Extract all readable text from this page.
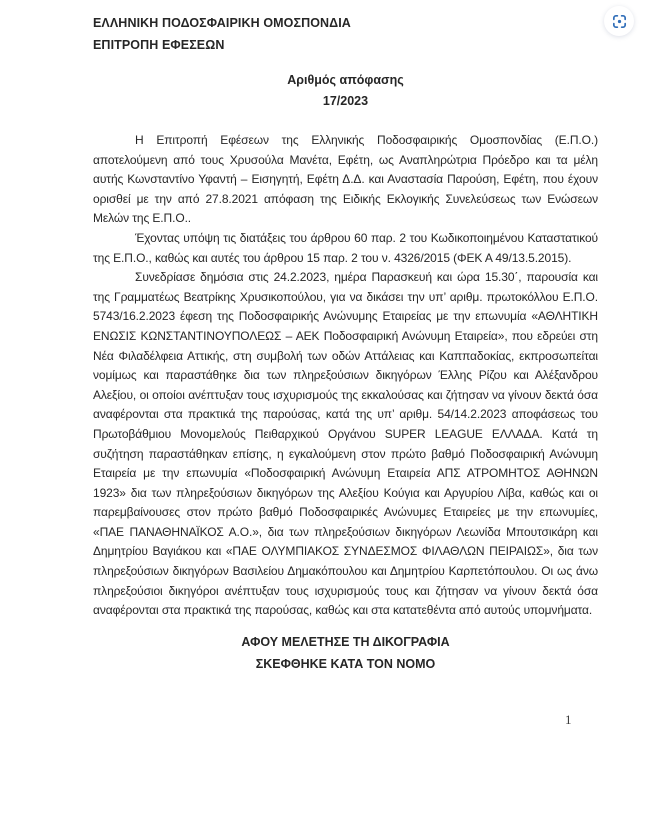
ΕΛΛΗΝΙΚΗ ΠΟΔΟΣΦΑΙΡΙΚΗ ΟΜΟΣΠΟΝΔΙΑ

ΕΠΙΤΡΟΠΗ ΕΦΕΣΕΩΝ

Αριθμός απόφασης

17/2023

Η Επιτροπή Εφέσεων της Ελληνικής Ποδοσφαιρικής Ομοσπονδίας (Ε.Π.Ο.) αποτελούμενη από τους Χρυσούλα Μανέτα, Εφέτη, ως Αναπληρώτρια Πρόεδρο και τα μέλη αυτής Κωνσταντίνο Υφαντή – Εισηγητή, Εφέτη Δ.Δ. και Αναστασία Παρούση, Εφέτη, που έχουν ορισθεί με την από 27.8.2021 απόφαση της Ειδικής Εκλογικής Συνελεύσεως των Ενώσεων Μελών της Ε.Π.Ο..

Έχοντας υπόψη τις διατάξεις του άρθρου 60 παρ. 2 του Κωδικοποιημένου Καταστατικού της Ε.Π.Ο., καθώς και αυτές του άρθρου 15 παρ. 2 του ν. 4326/2015 (ΦΕΚ Α 49/13.5.2015).

Συνεδρίασε δημόσια στις 24.2.2023, ημέρα Παρασκευή και ώρα 15.30΄, παρουσία και της Γραμματέως Βεατρίκης Χρυσικοπούλου, για να δικάσει την υπ’ αριθμ. πρωτοκόλλου Ε.Π.Ο. 5743/16.2.2023 έφεση της Ποδοσφαιρικής Ανώνυμης Εταιρείας με την επωνυμία «ΑΘΛΗΤΙΚΗ ΕΝΩΣΙΣ ΚΩΝΣΤΑΝΤΙΝΟΥΠΟΛΕΩΣ – ΑΕΚ Ποδοσφαιρική Ανώνυμη Εταιρεία», που εδρεύει στη Νέα Φιλαδέλφεια Αττικής, στη συμβολή των οδών Αττάλειας και Καππαδοκίας, εκπροσωπείται νομίμως και παραστάθηκε δια των πληρεξούσιων δικηγόρων Έλλης Ρίζου και Αλέξανδρου Αλεξίου, οι οποίοι ανέπτυξαν τους ισχυρισμούς της εκκαλούσας και ζήτησαν να γίνουν δεκτά όσα αναφέρονται στα πρακτικά της παρούσας, κατά της υπ’ αριθμ. 54/14.2.2023 αποφάσεως του Πρωτοβάθμιου Μονομελούς Πειθαρχικού Οργάνου SUPER LEAGUE ΕΛΛΑΔΑ. Κατά τη συζήτηση παραστάθηκαν επίσης, η εγκαλούμενη στον πρώτο βαθμό Ποδοσφαιρική Ανώνυμη Εταιρεία με την επωνυμία «Ποδοσφαιρική Ανώνυμη Εταιρεία ΑΠΣ ΑΤΡΟΜΗΤΟΣ ΑΘΗΝΩΝ 1923» δια των πληρεξούσιων δικηγόρων της Αλεξίου Κούγια και Αργυρίου Λίβα, καθώς και οι παρεμβαίνουσες στον πρώτο βαθμό Ποδοσφαιρικές Ανώνυμες Εταιρείες με την επωνυμίες, «ΠΑΕ ΠΑΝΑΘΗΝΑΪΚΟΣ Α.Ο.», δια των πληρεξούσιων δικηγόρων Λεωνίδα Μπουτσικάρη και Δημητρίου Βαγιάκου και «ΠΑΕ ΟΛΥΜΠΙΑΚΟΣ ΣΥΝΔΕΣΜΟΣ ΦΙΛΑΘΛΩΝ ΠΕΙΡΑΙΩΣ», δια των πληρεξούσιων δικηγόρων Βασιλείου Δημακόπουλου και Δημητρίου Καρπετόπουλου. Οι ως άνω πληρεξούσιοι δικηγόροι ανέπτυξαν τους ισχυρισμούς τους και ζήτησαν να γίνουν δεκτά όσα αναφέρονται στα πρακτικά της παρούσας, καθώς και στα κατατεθέντα από αυτούς υπομνήματα.

ΑΦΟΥ ΜΕΛΕΤΗΣΕ ΤΗ ΔΙΚΟΓΡΑΦΙΑ

ΣΚΕΦΘΗΚΕ ΚΑΤΑ ΤΟΝ ΝΟΜΟ

1
